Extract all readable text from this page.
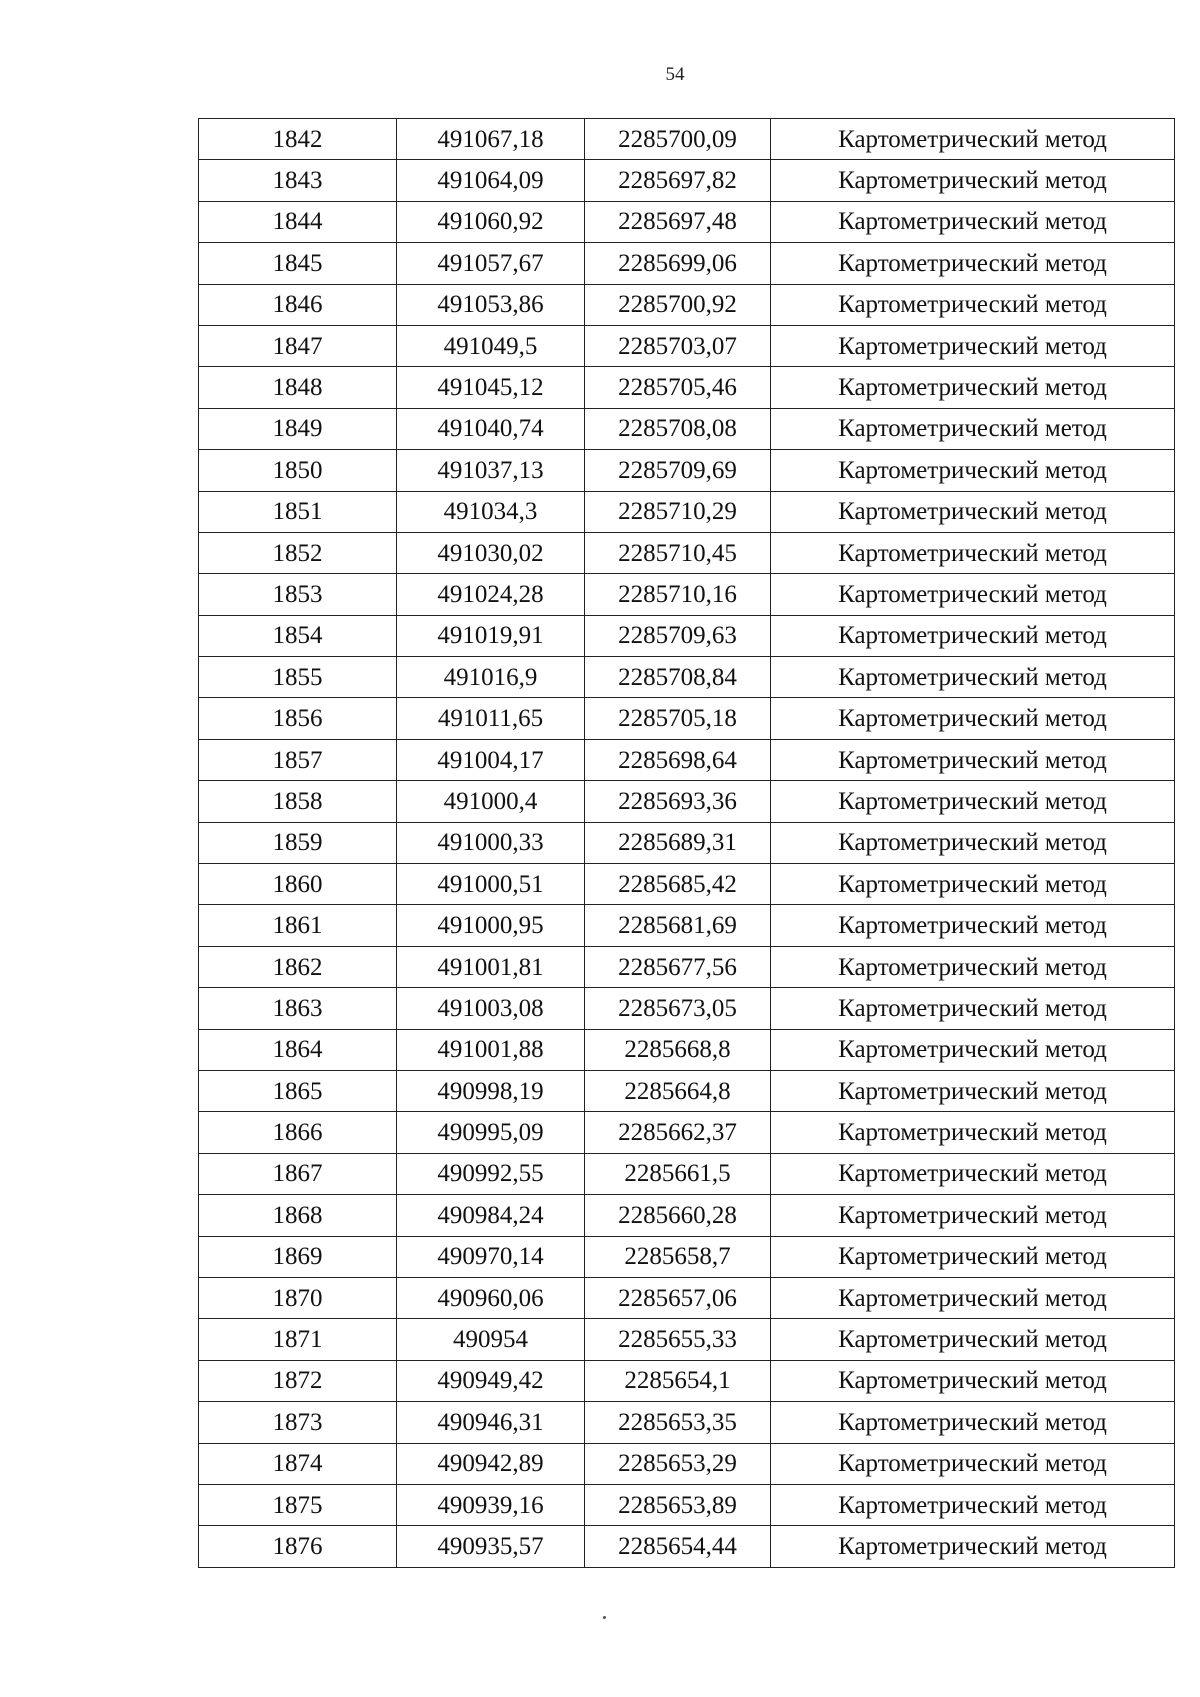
54
1842	491067,18	2285700,09	Картометрический метод
1843	491064,09	2285697,82	Картометрический метод
1844	491060,92	2285697,48	Картометрический метод
1845	491057,67	2285699,06	Картометрический метод
1846	491053,86	2285700,92	Картометрический метод
1847	491049,5	2285703,07	Картометрический метод
1848	491045,12	2285705,46	Картометрический метод
1849	491040,74	2285708,08	Картометрический метод
1850	491037,13	2285709,69	Картометрический метод
1851	491034,3	2285710,29	Картометрический метод
1852	491030,02	2285710,45	Картометрический метод
1853	491024,28	2285710,16	Картометрический метод
1854	491019,91	2285709,63	Картометрический метод
1855	491016,9	2285708,84	Картометрический метод
1856	491011,65	2285705,18	Картометрический метод
1857	491004,17	2285698,64	Картометрический метод
1858	491000,4	2285693,36	Картометрический метод
1859	491000,33	2285689,31	Картометрический метод
1860	491000,51	2285685,42	Картометрический метод
1861	491000,95	2285681,69	Картометрический метод
1862	491001,81	2285677,56	Картометрический метод
1863	491003,08	2285673,05	Картометрический метод
1864	491001,88	2285668,8	Картометрический метод
1865	490998,19	2285664,8	Картометрический метод
1866	490995,09	2285662,37	Картометрический метод
1867	490992,55	2285661,5	Картометрический метод
1868	490984,24	2285660,28	Картометрический метод
1869	490970,14	2285658,7	Картометрический метод
1870	490960,06	2285657,06	Картометрический метод
1871	490954	2285655,33	Картометрический метод
1872	490949,42	2285654,1	Картометрический метод
1873	490946,31	2285653,35	Картометрический метод
1874	490942,89	2285653,29	Картометрический метод
1875	490939,16	2285653,89	Картометрический метод
1876	490935,57	2285654,44	Картометрический метод
